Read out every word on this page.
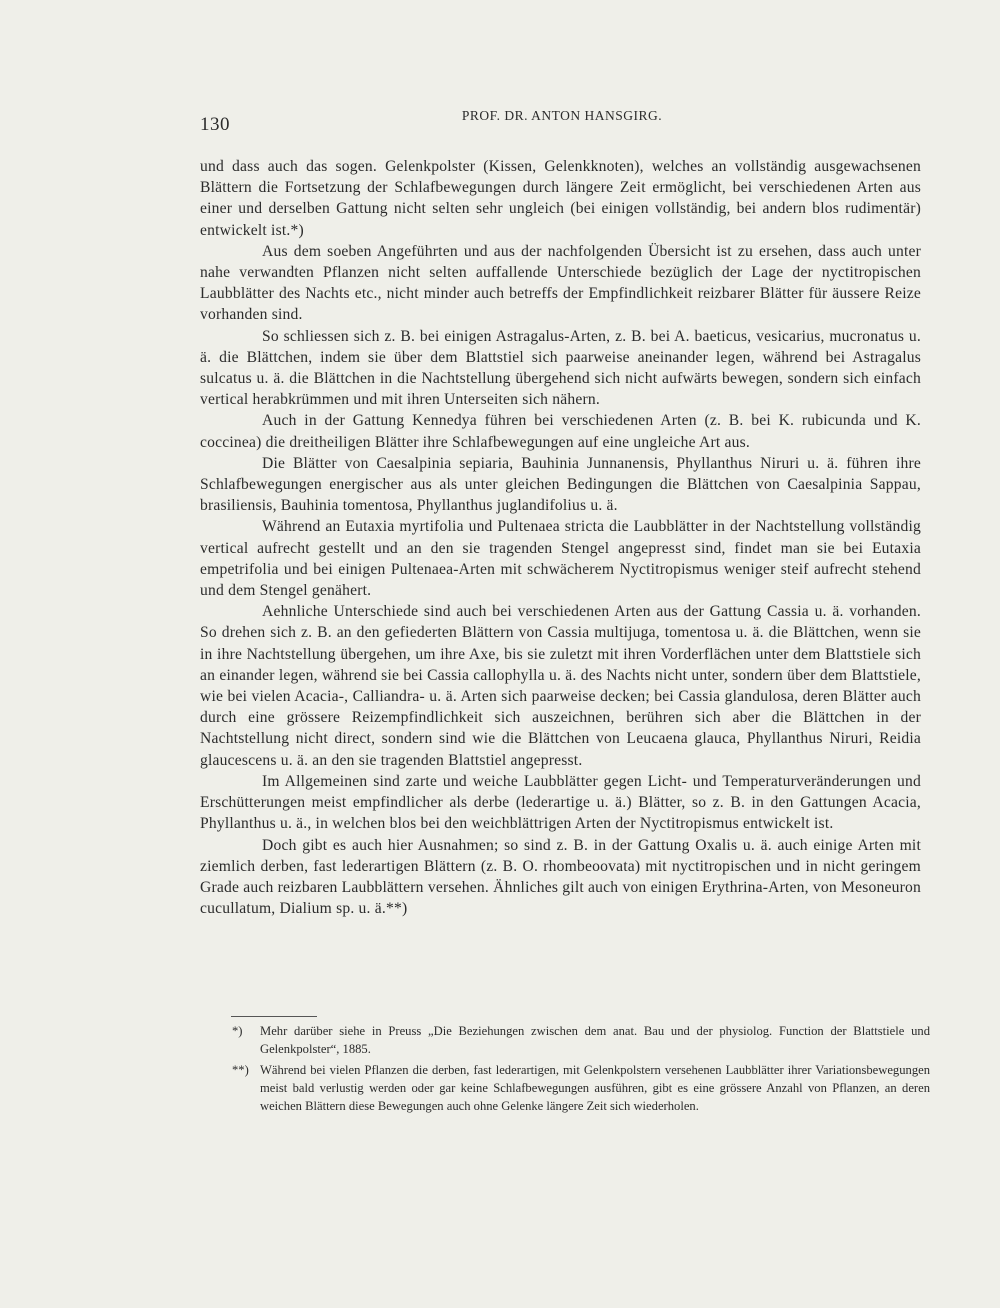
130	PROF. DR. ANTON HANSGIRG.

und dass auch das sogen. Gelenkpolster (Kissen, Gelenkknoten), welches an vollständig ausgewachsenen Blättern die Fortsetzung der Schlafbewegungen durch längere Zeit ermöglicht, bei verschiedenen Arten aus einer und derselben Gattung nicht selten sehr ungleich (bei einigen vollständig, bei andern blos rudimentär) entwickelt ist.*)

Aus dem soeben Angeführten und aus der nachfolgenden Übersicht ist zu ersehen, dass auch unter nahe verwandten Pflanzen nicht selten auffallende Unterschiede bezüglich der Lage der nyctitropischen Laubblätter des Nachts etc., nicht minder auch betreffs der Empfindlichkeit reizbarer Blätter für äussere Reize vorhanden sind.

So schliessen sich z. B. bei einigen Astragalus-Arten, z. B. bei A. baeticus, vesicarius, mucronatus u. ä. die Blättchen, indem sie über dem Blattstiel sich paarweise aneinander legen, während bei Astragalus sulcatus u. ä. die Blättchen in die Nachtstellung übergehend sich nicht aufwärts bewegen, sondern sich einfach vertical herabkrümmen und mit ihren Unterseiten sich nähern.

Auch in der Gattung Kennedya führen bei verschiedenen Arten (z. B. bei K. rubicunda und K. coccinea) die dreitheiligen Blätter ihre Schlafbewegungen auf eine ungleiche Art aus.

Die Blätter von Caesalpinia sepiaria, Bauhinia Junnanensis, Phyllanthus Niruri u. ä. führen ihre Schlafbewegungen energischer aus als unter gleichen Bedingungen die Blättchen von Caesalpinia Sappau, brasiliensis, Bauhinia tomentosa, Phyllanthus juglandifolius u. ä.

Während an Eutaxia myrtifolia und Pultenaea stricta die Laubblätter in der Nachtstellung vollständig vertical aufrecht gestellt und an den sie tragenden Stengel angepresst sind, findet man sie bei Eutaxia empetrifolia und bei einigen Pultenaea-Arten mit schwächerem Nyctitropismus weniger steif aufrecht stehend und dem Stengel genähert.

Aehnliche Unterschiede sind auch bei verschiedenen Arten aus der Gattung Cassia u. ä. vorhanden. So drehen sich z. B. an den gefiederten Blättern von Cassia multijuga, tomentosa u. ä. die Blättchen, wenn sie in ihre Nachtstellung übergehen, um ihre Axe, bis sie zuletzt mit ihren Vorderflächen unter dem Blattstiele sich an einander legen, während sie bei Cassia callophylla u. ä. des Nachts nicht unter, sondern über dem Blattstiele, wie bei vielen Acacia-, Calliandra- u. ä. Arten sich paarweise decken; bei Cassia glandulosa, deren Blätter auch durch eine grössere Reizempfindlichkeit sich auszeichnen, berühren sich aber die Blättchen in der Nachtstellung nicht direct, sondern sind wie die Blättchen von Leucaena glauca, Phyllanthus Niruri, Reidia glaucescens u. ä. an den sie tragenden Blattstiel angepresst.

Im Allgemeinen sind zarte und weiche Laubblätter gegen Licht- und Temperaturveränderungen und Erschütterungen meist empfindlicher als derbe (lederartige u. ä.) Blätter, so z. B. in den Gattungen Acacia, Phyllanthus u. ä., in welchen blos bei den weichblättrigen Arten der Nyctitropismus entwickelt ist.

Doch gibt es auch hier Ausnahmen; so sind z. B. in der Gattung Oxalis u. ä. auch einige Arten mit ziemlich derben, fast lederartigen Blättern (z. B. O. rhombeoovata) mit nyctitropischen und in nicht geringem Grade auch reizbaren Laubblättern versehen. Ähnliches gilt auch von einigen Erythrina-Arten, von Mesoneuron cucullatum, Dialium sp. u. ä.**)

*) Mehr darüber siehe in Preuss „Die Beziehungen zwischen dem anat. Bau und der physiolog. Function der Blattstiele und Gelenkpolster“, 1885.
**) Während bei vielen Pflanzen die derben, fast lederartigen, mit Gelenkpolstern versehenen Laubblätter ihrer Variationsbewegungen meist bald verlustig werden oder gar keine Schlafbewegungen ausführen, gibt es eine grössere Anzahl von Pflanzen, an deren weichen Blättern diese Bewegungen auch ohne Gelenke längere Zeit sich wiederholen.
